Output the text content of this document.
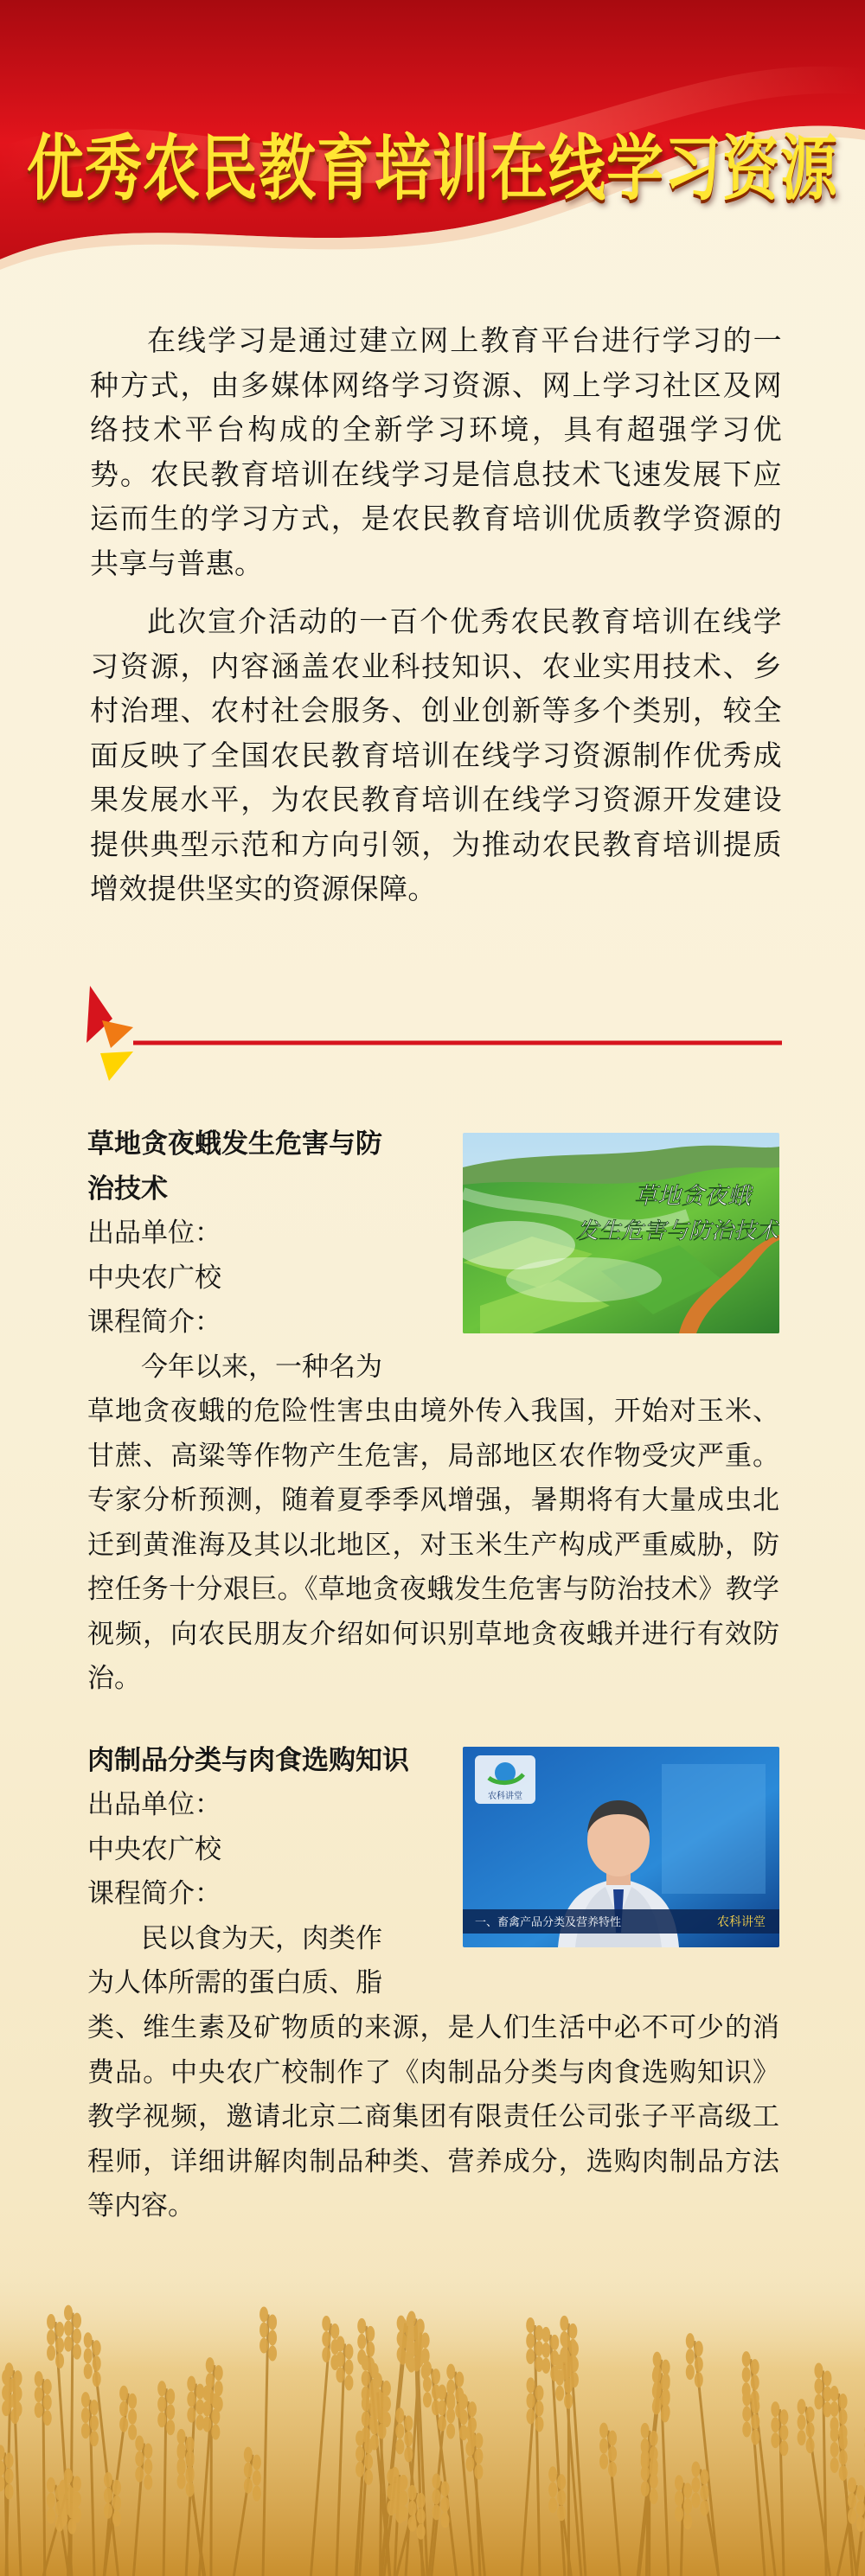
优秀农民教育培训在线学习资源

在线学习是通过建立网上教育平台进行学习的一种方式，由多媒体网络学习资源、网上学习社区及网络技术平台构成的全新学习环境，具有超强学习优势。农民教育培训在线学习是信息技术飞速发展下应运而生的学习方式，是农民教育培训优质教学资源的共享与普惠。

此次宣介活动的一百个优秀农民教育培训在线学习资源，内容涵盖农业科技知识、农业实用技术、乡村治理、农村社会服务、创业创新等多个类别，较全面反映了全国农民教育培训在线学习资源制作优秀成果发展水平，为农民教育培训在线学习资源开发建设提供典型示范和方向引领，为推动农民教育培训提质增效提供坚实的资源保障。

草地贪夜蛾发生危害与防
治技术
出品单位：
中央农广校
课程简介：
今年以来，一种名为
草地贪夜蛾的危险性害虫由境外传入我国，开始对玉米、甘蔗、高粱等作物产生危害，局部地区农作物受灾严重。专家分析预测，随着夏季季风增强，暑期将有大量成虫北迁到黄淮海及其以北地区，对玉米生产构成严重威胁，防控任务十分艰巨。《草地贪夜蛾发生危害与防治技术》教学视频，向农民朋友介绍如何识别草地贪夜蛾并进行有效防治。
草地贪夜蛾
发生危害与防治技术
肉制品分类与肉食选购知识
出品单位：
中央农广校
课程简介：
民以食为天，肉类作
为人体所需的蛋白质、脂
类、维生素及矿物质的来源，是人们生活中必不可少的消费品。中央农广校制作了《肉制品分类与肉食选购知识》教学视频，邀请北京二商集团有限责任公司张子平高级工程师，详细讲解肉制品种类、营养成分，选购肉制品方法等内容。
农科讲堂
一、畜禽产品分类及营养特性	农科讲堂
